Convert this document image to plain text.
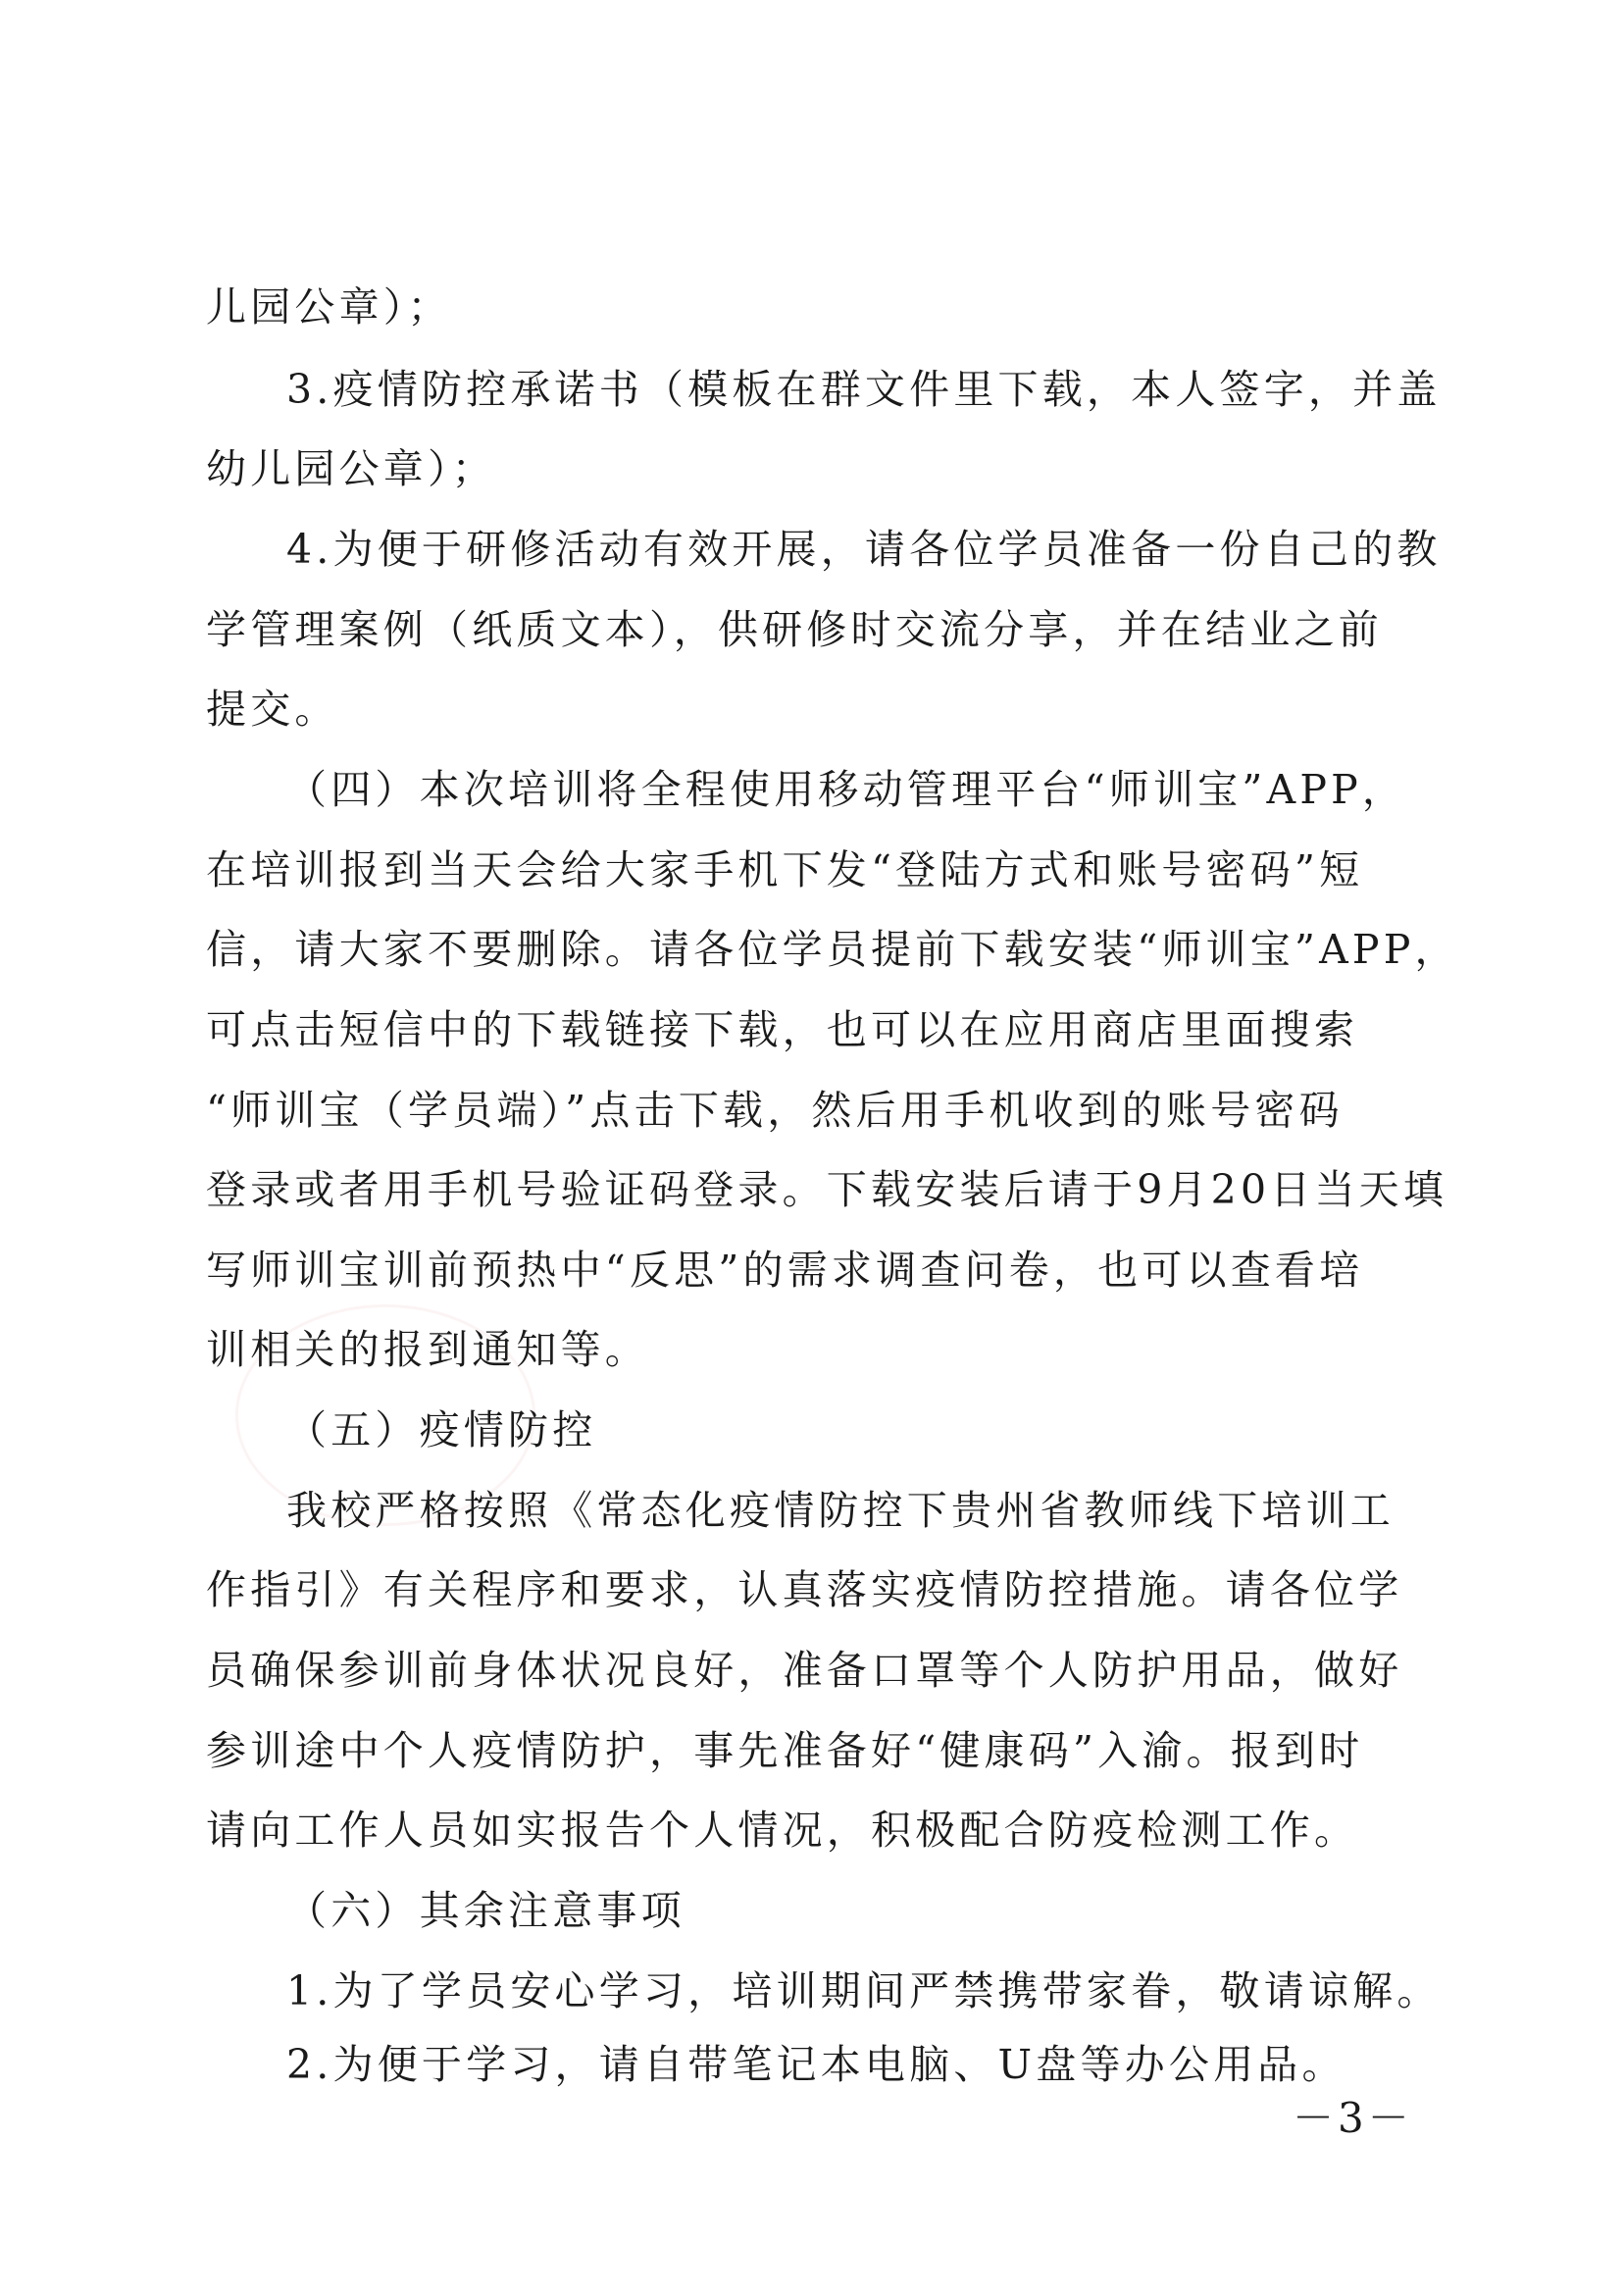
儿园公章）；
3.疫情防控承诺书（模板在群文件里下载，本人签字，并盖
幼儿园公章）；
4.为便于研修活动有效开展，请各位学员准备一份自己的教
学管理案例（纸质文本），供研修时交流分享，并在结业之前
提交。
（四）本次培训将全程使用移动管理平台“师训宝”APP，
在培训报到当天会给大家手机下发“登陆方式和账号密码”短
信，请大家不要删除。请各位学员提前下载安装“师训宝”APP，
可点击短信中的下载链接下载，也可以在应用商店里面搜索
“师训宝（学员端）”点击下载，然后用手机收到的账号密码
登录或者用手机号验证码登录。下载安装后请于9月20日当天填
写师训宝训前预热中“反思”的需求调查问卷，也可以查看培
训相关的报到通知等。
（五）疫情防控
我校严格按照《常态化疫情防控下贵州省教师线下培训工
作指引》有关程序和要求，认真落实疫情防控措施。请各位学
员确保参训前身体状况良好，准备口罩等个人防护用品，做好
参训途中个人疫情防护，事先准备好“健康码”入渝。报到时
请向工作人员如实报告个人情况，积极配合防疫检测工作。
（六）其余注意事项
1.为了学员安心学习，培训期间严禁携带家眷，敬请谅解。
2.为便于学习，请自带笔记本电脑、U盘等办公用品。
－3－
